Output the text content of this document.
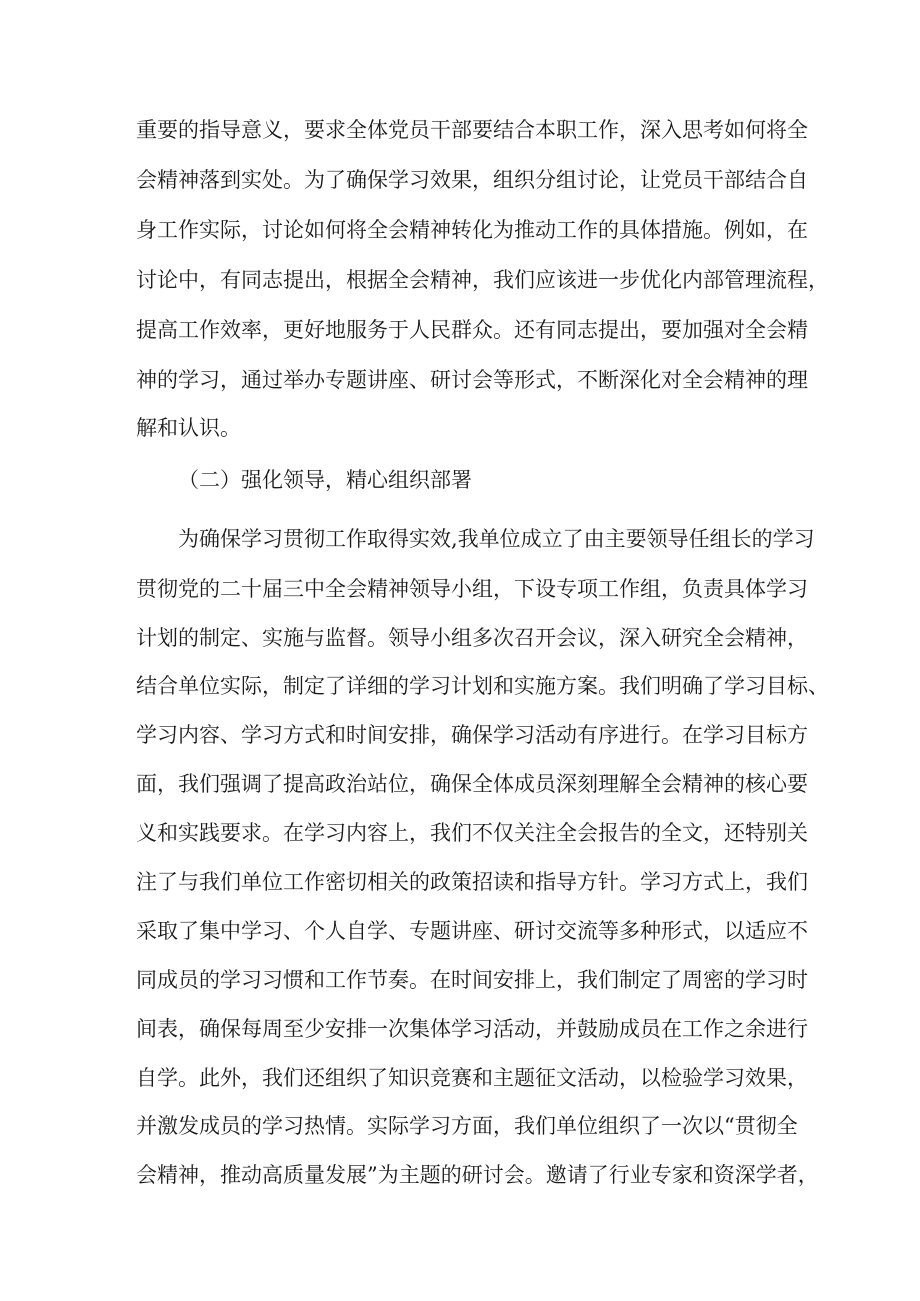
重要的指导意义，要求全体党员干部要结合本职工作，深入思考如何将全
会精神落到实处。为了确保学习效果，组织分组讨论，让党员干部结合自
身工作实际，讨论如何将全会精神转化为推动工作的具体措施。例如，在
讨论中，有同志提出，根据全会精神，我们应该进一步优化内部管理流程，
提高工作效率，更好地服务于人民群众。还有同志提出，要加强对全会精
神的学习，通过举办专题讲座、研讨会等形式，不断深化对全会精神的理
解和认识。
（二）强化领导，精心组织部署
为确保学习贯彻工作取得实效,我单位成立了由主要领导任组长的学习
贯彻党的二十届三中全会精神领导小组，下设专项工作组，负责具体学习
计划的制定、实施与监督。领导小组多次召开会议，深入研究全会精神，
结合单位实际，制定了详细的学习计划和实施方案。我们明确了学习目标、
学习内容、学习方式和时间安排，确保学习活动有序进行。在学习目标方
面，我们强调了提高政治站位，确保全体成员深刻理解全会精神的核心要
义和实践要求。在学习内容上，我们不仅关注全会报告的全文，还特别关
注了与我们单位工作密切相关的政策招读和指导方针。学习方式上，我们
采取了集中学习、个人自学、专题讲座、研讨交流等多种形式，以适应不
同成员的学习习惯和工作节奏。在时间安排上，我们制定了周密的学习时
间表，确保每周至少安排一次集体学习活动，并鼓励成员在工作之余进行
自学。此外，我们还组织了知识竞赛和主题征文活动，以检验学习效果，
并激发成员的学习热情。实际学习方面，我们单位组织了一次以“贯彻全
会精神，推动高质量发展”为主题的研讨会。邀请了行业专家和资深学者，
